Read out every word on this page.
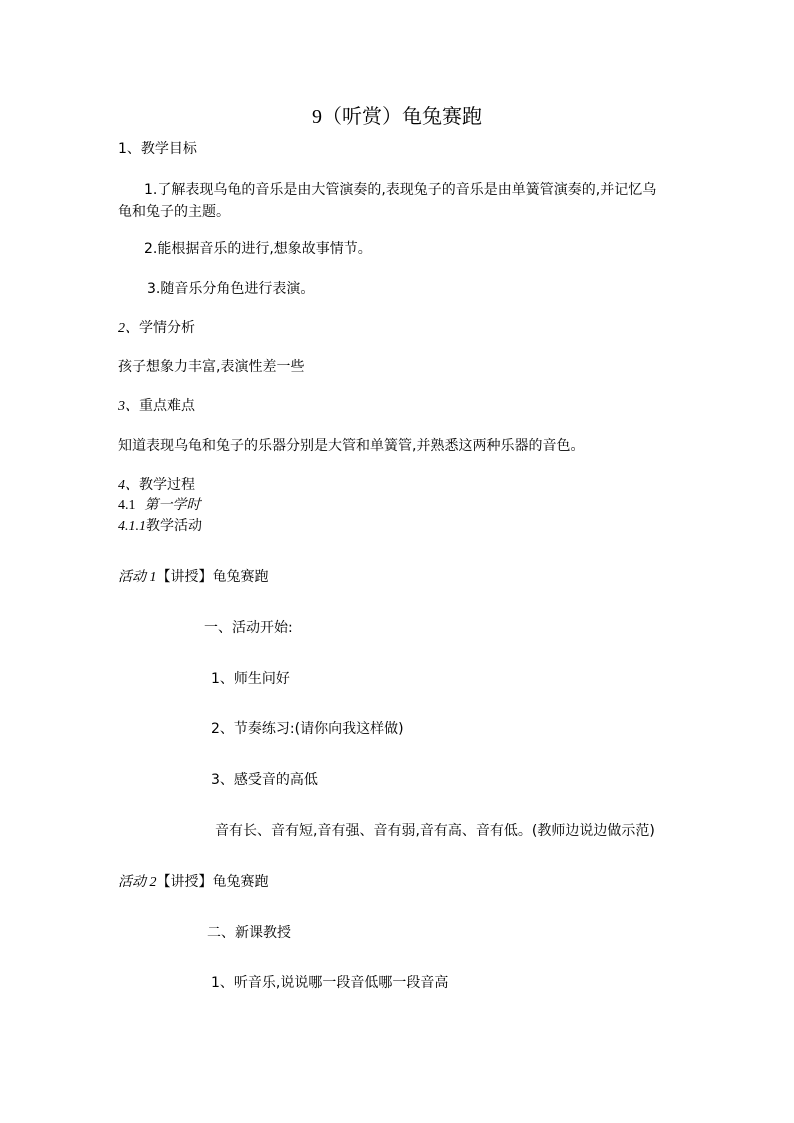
9（听赏）龟兔赛跑
1、教学目标
1.了解表现乌龟的音乐是由大管演奏的,表现兔子的音乐是由单簧管演奏的,并记忆乌龟和兔子的主题。
2.能根据音乐的进行,想象故事情节。
3.随音乐分角色进行表演。
2、学情分析
孩子想象力丰富,表演性差一些
3、重点难点
知道表现乌龟和兔子的乐器分别是大管和单簧管,并熟悉这两种乐器的音色。
4、教学过程
4.1 第一学时
4.1.1教学活动
活动 1【讲授】龟兔赛跑
一、活动开始:
1、师生问好
2、节奏练习:(请你向我这样做)
3、感受音的高低
音有长、音有短,音有强、音有弱,音有高、音有低。(教师边说边做示范)
活动 2【讲授】龟兔赛跑
二、新课教授
1、听音乐,说说哪一段音低哪一段音高
